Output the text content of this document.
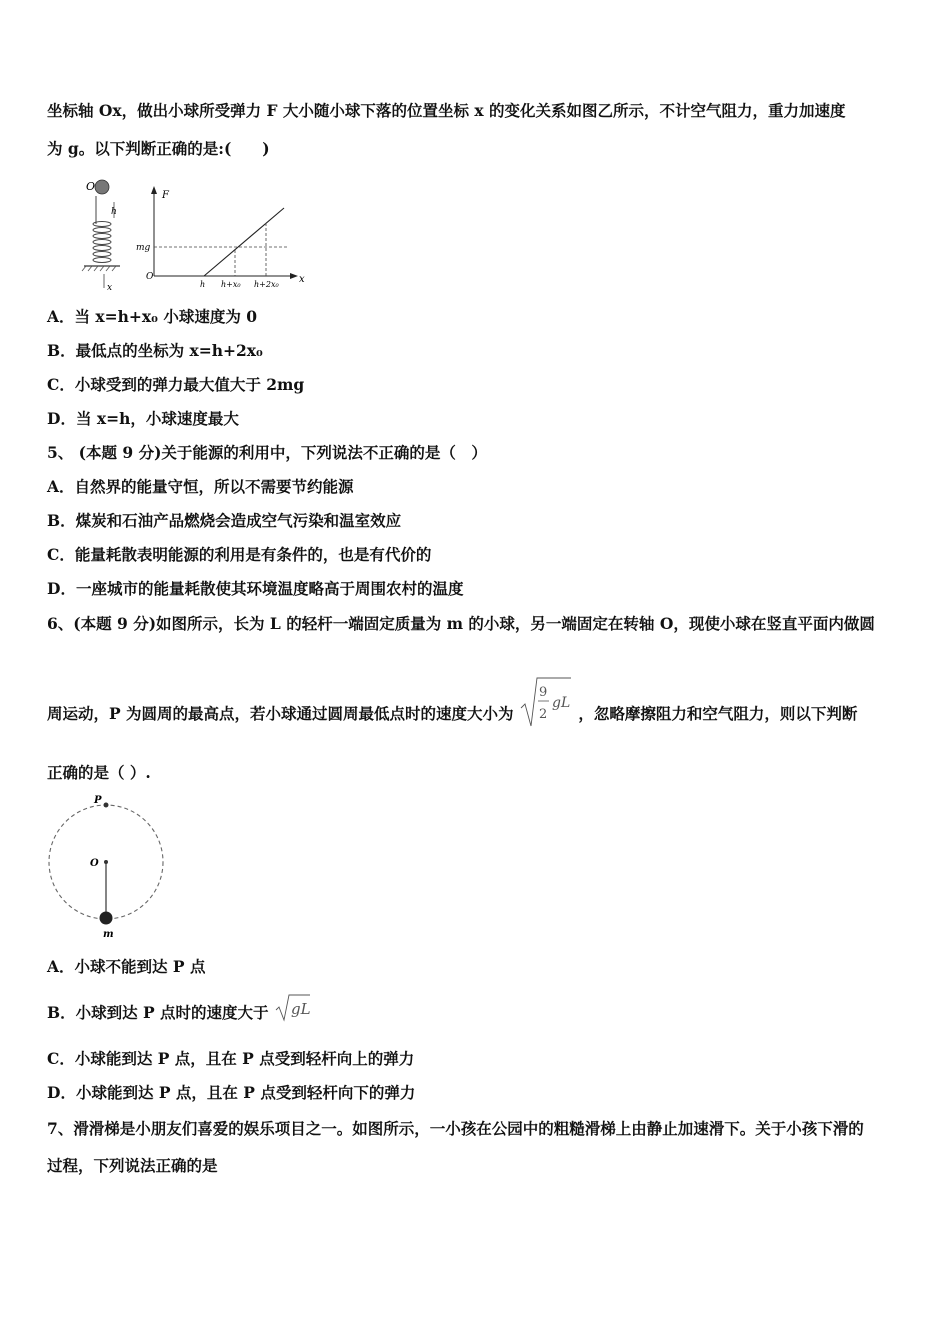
坐标轴 Ox，做出小球所受弹力 F 大小随小球下落的位置坐标 x 的变化关系如图乙所示，不计空气阻力，重力加速度
为 g。以下判断正确的是:(　　)
O
h
x
F
x
O
mg
h h+x₀ h+2x₀
A．当 x=h+x₀ 小球速度为 0
B．最低点的坐标为 x=h+2x₀
C．小球受到的弹力最大值大于 2mg
D．当 x=h，小球速度最大
5、 (本题 9 分)关于能源的利用中，下列说法不正确的是（　）
A．自然界的能量守恒，所以不需要节约能源
B．煤炭和石油产品燃烧会造成空气污染和温室效应
C．能量耗散表明能源的利用是有条件的，也是有代价的
D．一座城市的能量耗散使其环境温度略高于周围农村的温度
6、(本题 9 分)如图所示，长为 L 的轻杆一端固定质量为 m 的小球，另一端固定在转轴 O，现使小球在竖直平面内做圆
周运动，P 为圆周的最高点，若小球通过圆周最低点时的速度大小为
9
2
gL
，忽略摩擦阻力和空气阻力，则以下判断
正确的是（ ）.
P
O
m
A．小球不能到达 P 点
B．小球到达 P 点时的速度大于 gL
C．小球能到达 P 点，且在 P 点受到轻杆向上的弹力
D．小球能到达 P 点，且在 P 点受到轻杆向下的弹力
7、滑滑梯是小朋友们喜爱的娱乐项目之一。如图所示，一小孩在公园中的粗糙滑梯上由静止加速滑下。关于小孩下滑的
过程，下列说法正确的是
